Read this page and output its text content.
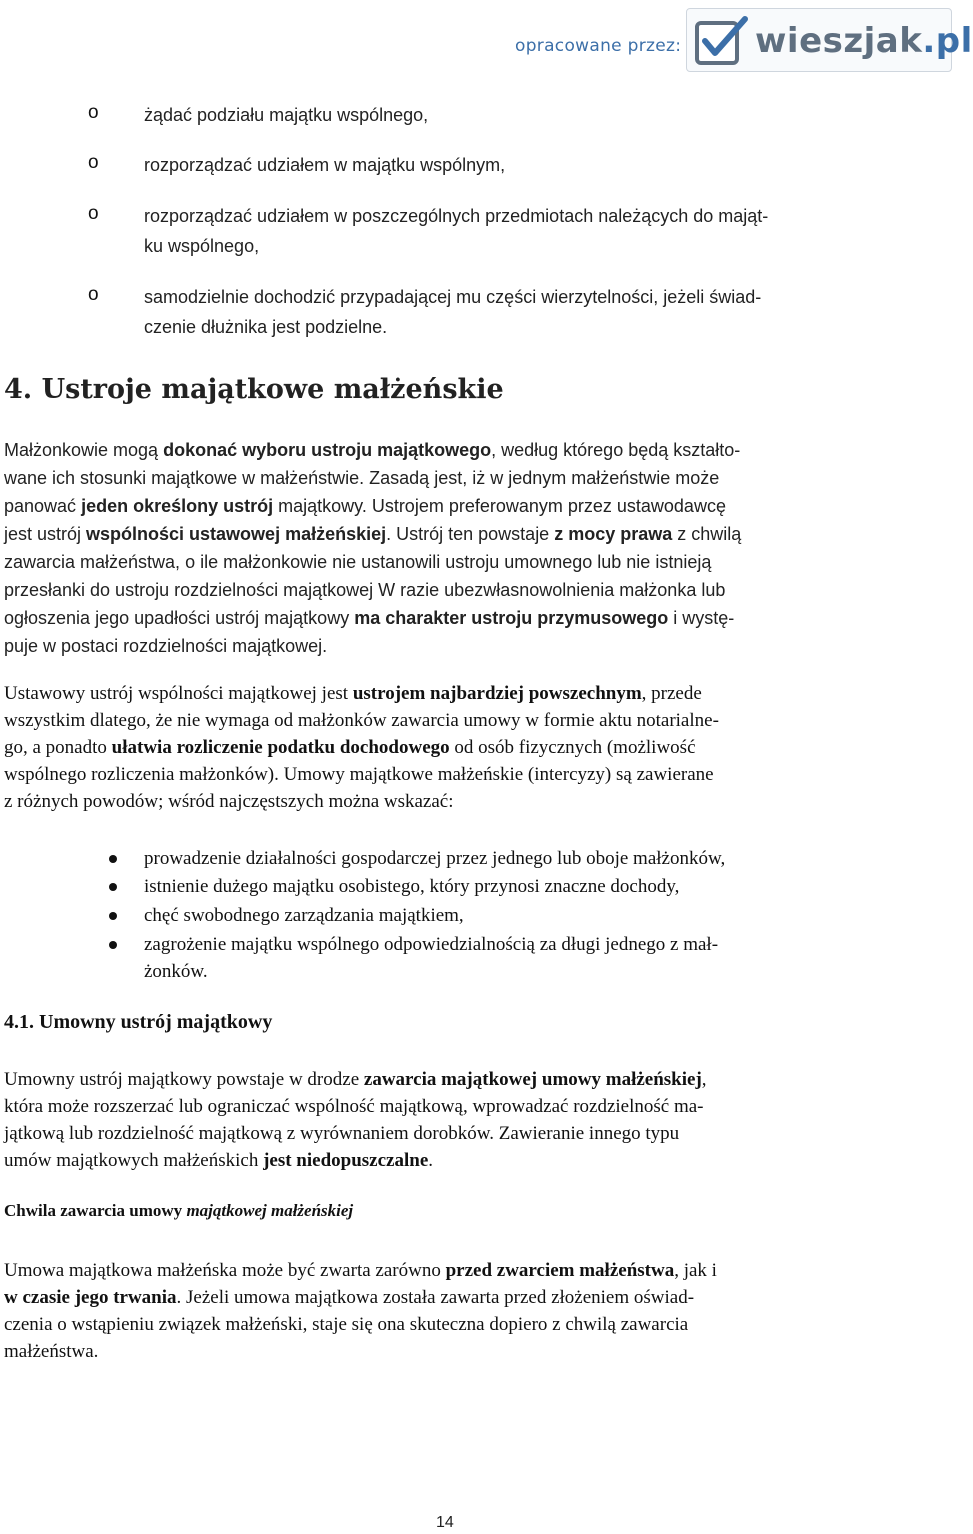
opracowane przez: wieszjak.pl
o	żądać podziału majątku wspólnego,
o	rozporządzać udziałem w majątku wspólnym,
o	rozporządzać udziałem w poszczególnych przedmiotach należących do mająt-
ku wspólnego,
o	samodzielnie dochodzić przypadającej mu części wierzytelności, jeżeli świad-
czenie dłużnika jest podzielne.
4. Ustroje majątkowe małżeńskie
Małżonkowie mogą dokonać wyboru ustroju majątkowego, według którego będą kształto-
wane ich stosunki majątkowe w małżeństwie. Zasadą jest, iż w jednym małżeństwie może
panować jeden określony ustrój majątkowy. Ustrojem preferowanym przez ustawodawcę
jest ustrój wspólności ustawowej małżeńskiej. Ustrój ten powstaje z mocy prawa z chwilą
zawarcia małżeństwa, o ile małżonkowie nie ustanowili ustroju umownego lub nie istnieją
przesłanki do ustroju rozdzielności majątkowej W razie ubezwłasnowolnienia małżonka lub
ogłoszenia jego upadłości ustrój majątkowy ma charakter ustroju przymusowego i wystę-
puje w postaci rozdzielności majątkowej.
Ustawowy ustrój wspólności majątkowej jest ustrojem najbardziej powszechnym, przede
wszystkim dlatego, że nie wymaga od małżonków zawarcia umowy w formie aktu notarialne-
go, a ponadto ułatwia rozliczenie podatku dochodowego od osób fizycznych (możliwość
wspólnego rozliczenia małżonków). Umowy majątkowe małżeńskie (intercyzy) są zawierane
z różnych powodów; wśród najczęstszych można wskazać:
prowadzenie działalności gospodarczej przez jednego lub oboje małżonków,
istnienie dużego majątku osobistego, który przynosi znaczne dochody,
chęć swobodnego zarządzania majątkiem,
zagrożenie majątku wspólnego odpowiedzialnością za długi jednego z mał-
żonków.
4.1. Umowny ustrój majątkowy
Umowny ustrój majątkowy powstaje w drodze zawarcia majątkowej umowy małżeńskiej,
która może rozszerzać lub ograniczać wspólność majątkową, wprowadzać rozdzielność ma-
jątkową lub rozdzielność majątkową z wyrównaniem dorobków. Zawieranie innego typu
umów majątkowych małżeńskich jest niedopuszczalne.
Chwila zawarcia umowy majątkowej małżeńskiej
Umowa majątkowa małżeńska może być zwarta zarówno przed zwarciem małżeństwa, jak i
w czasie jego trwania. Jeżeli umowa majątkowa została zawarta przed złożeniem oświad-
czenia o wstąpieniu związek małżeński, staje się ona skuteczna dopiero z chwilą zawarcia
małżeństwa.
14
